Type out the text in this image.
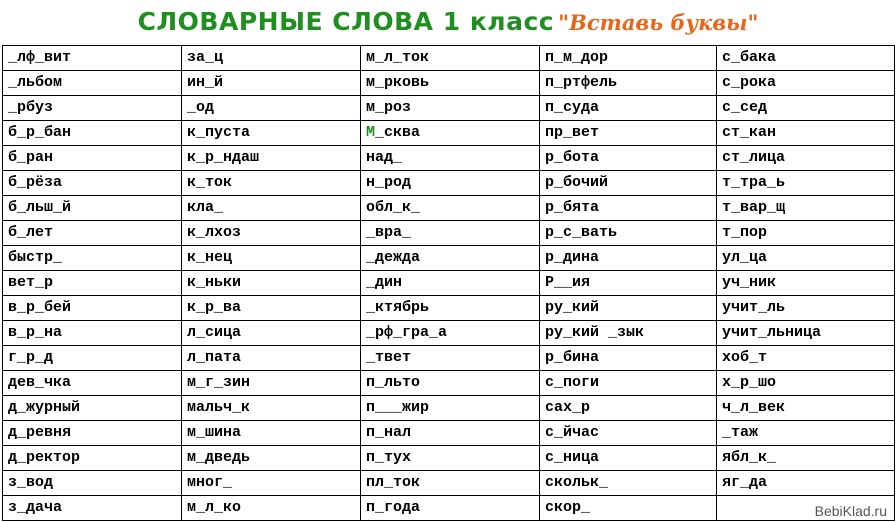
СЛОВАРНЫЕ СЛОВА 1 класс "Вставь буквы"
_лф_вит	за_ц	м_л_ток	п_м_дор	с_бака
_льбом	ин_й	м_рковь	п_ртфель	с_рока
_рбуз	_од	м_роз	п_суда	с_сед
б_р_бан	к_пуста	М_сква	пр_вет	ст_кан
б_ран	к_р_ндаш	над_	р_бота	ст_лица
б_рёза	к_ток	н_род	р_бочий	т_тра_ь
б_льш_й	кла_	обл_к_	р_бята	т_вар_щ
б_лет	к_лхоз	_вра_	р_с_вать	т_пор
быстр_	к_нец	_дежда	р_дина	ул_ца
вет_р	к_ньки	_дин	Р__ия	уч_ник
в_р_бей	к_р_ва	_ктябрь	ру_кий	учит_ль
в_р_на	л_сица	_рф_гра_а	ру_кий _зык	учит_льница
г_р_д	л_пата	_твет	р_бина	хоб_т
дев_чка	м_г_зин	п_льто	с_поги	х_р_шо
д_журный	мальч_к	п___жир	сах_р	ч_л_век
д_ревня	м_шина	п_нал	с_йчас	_таж
д_ректор	м_дведь	п_тух	с_ница	ябл_к_
з_вод	мног_	пл_ток	скольк_	яг_да
з_дача	м_л_ко	п_года	скор_		BebiKlad.ru
